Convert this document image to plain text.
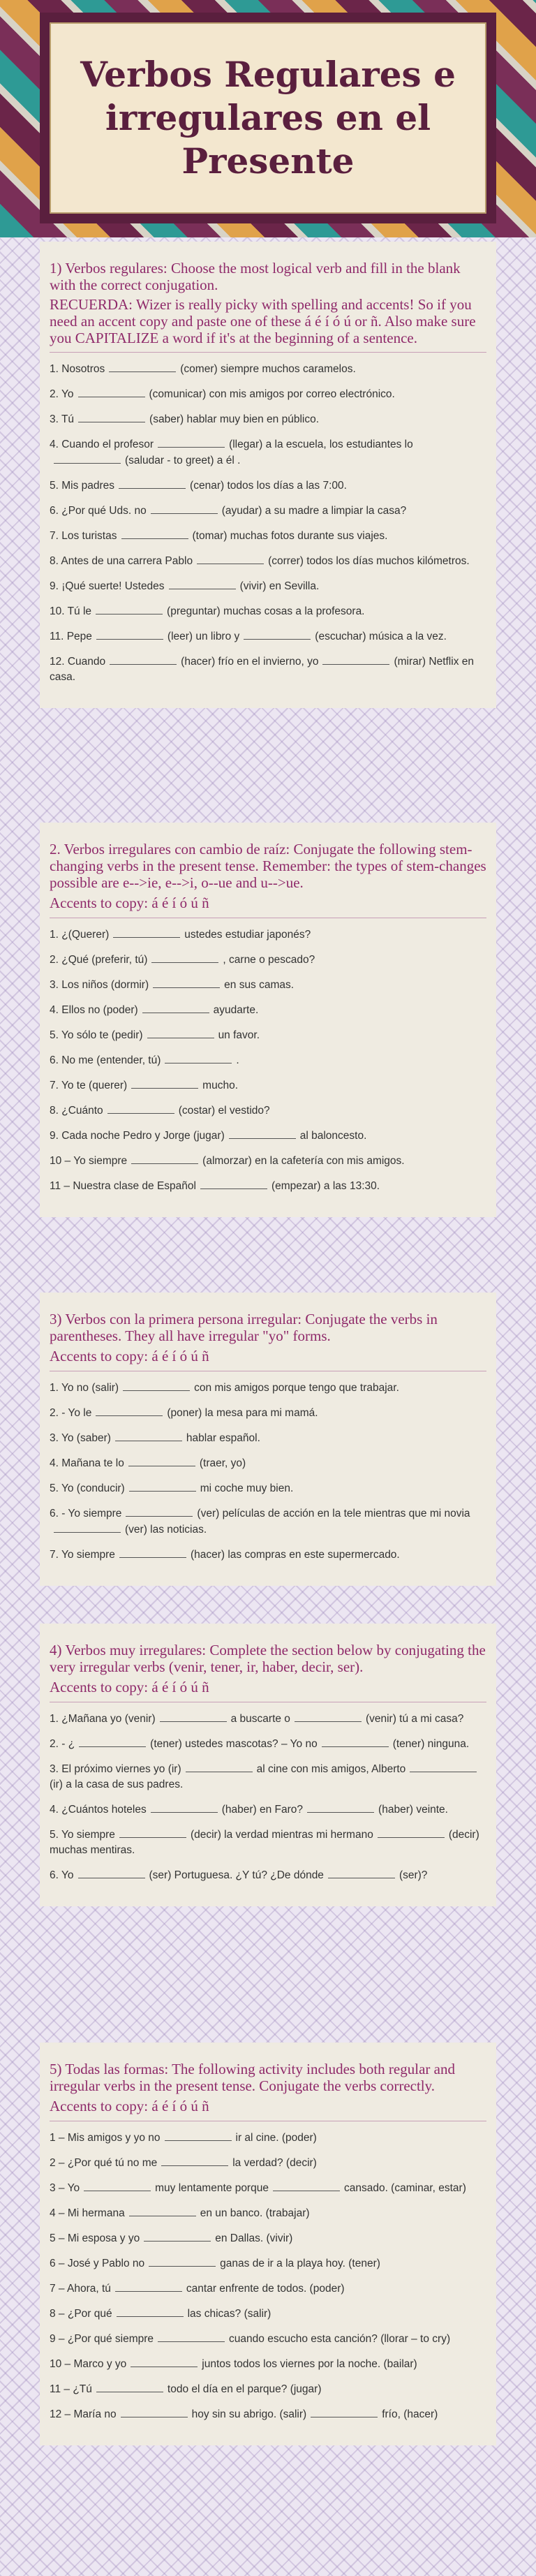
Verbos Regulares e irregulares en el Presente

1) Verbos regulares: Choose the most logical verb and fill in the blank with the correct conjugation.

RECUERDA: Wizer is really picky with spelling and accents! So if you need an accent copy and paste one of these á é í ó ú or ñ. Also make sure you CAPITALIZE a word if it's at the beginning of a sentence.

1. Nosotros	(comer) siempre muchos caramelos.
2. Yo	(comunicar) con mis amigos por correo electrónico.
3. Tú	(saber) hablar muy bien en público.
4. Cuando el profesor	(llegar) a la escuela, los estudiantes lo(saludar - to greet) a él .
5. Mis padres	(cenar) todos los días a las 7:00.
6. ¿Por qué Uds. no	(ayudar) a su madre a limpiar la casa?
7. Los turistas	(tomar) muchas fotos durante sus viajes.
8. Antes de una carrera Pablo	(correr) todos los días muchos kilómetros.
9. ¡Qué suerte! Ustedes	(vivir) en Sevilla.
10. Tú le	(preguntar) muchas cosas a la profesora.
11. Pepe	(leer) un libro y	(escuchar) música a la vez.
12. Cuando	(hacer) frío en el invierno, yo	(mirar) Netflix en casa.

2. Verbos irregulares con cambio de raíz: Conjugate the following stem-changing verbs in the present tense. Remember: the types of stem-changes possible are e-->ie, e-->i, o--ue and u-->ue.

Accents to copy: á é í ó ú ñ

1. ¿(Querer)	ustedes estudiar japonés?
2. ¿Qué (preferir, tú)	, carne o pescado?
3. Los niños (dormir)	en sus camas.
4. Ellos no (poder)	ayudarte.
5. Yo sólo te (pedir)	un favor.
6. No me (entender, tú)	.
7. Yo te (querer)	mucho.
8. ¿Cuánto	(costar) el vestido?
9. Cada noche Pedro y Jorge (jugar)	al baloncesto.
10 – Yo siempre	(almorzar) en la cafetería con mis amigos.
11 – Nuestra clase de Español	(empezar) a las 13:30.

3) Verbos con la primera persona irregular: Conjugate the verbs in parentheses. They all have irregular "yo" forms.

Accents to copy: á é í ó ú ñ

1. Yo no (salir)	con mis amigos porque tengo que trabajar.
2. - Yo le	(poner) la mesa para mi mamá.
3. Yo (saber)	hablar español.
4. Mañana te lo	(traer, yo)
5. Yo (conducir)	mi coche muy bien.
6. - Yo siempre	(ver) películas de acción en la tele mientras que mi novia(ver) las noticias.
7. Yo siempre	(hacer) las compras en este supermercado.

4) Verbos muy irregulares: Complete the section below by conjugating the very irregular verbs (venir, tener, ir, haber, decir, ser).

Accents to copy: á é í ó ú ñ

1. ¿Mañana yo (venir)	a buscarte o	(venir) tú a mi casa?
2. - ¿	(tener) ustedes mascotas? – Yo no	(tener) ninguna.
3. El próximo viernes yo (ir)	al cine con mis amigos, Alberto(ir) a la casa de sus padres.
4. ¿Cuántos hoteles	(haber) en Faro?	(haber) veinte.
5. Yo siempre	(decir) la verdad mientras mi hermano	(decir) muchas mentiras.
6. Yo	(ser) Portuguesa. ¿Y tú? ¿De dónde	(ser)?

5) Todas las formas: The following activity includes both regular and irregular verbs in the present tense. Conjugate the verbs correctly.

Accents to copy: á é í ó ú ñ

1 – Mis amigos y yo no	ir al cine. (poder)
2 – ¿Por qué tú no me	la verdad? (decir)
3 – Yo	muy lentamente porque	cansado. (caminar, estar)
4 – Mi hermana	en un banco. (trabajar)
5 – Mi esposa y yo	en Dallas. (vivir)
6 – José y Pablo no	ganas de ir a la playa hoy. (tener)
7 – Ahora, tú	cantar enfrente de todos. (poder)
8 – ¿Por qué	las chicas? (salir)
9 – ¿Por qué siempre	cuando escucho esta canción? (llorar – to cry)
10 – Marco y yo	juntos todos los viernes por la noche. (bailar)
11 – ¿Tú	todo el día en el parque? (jugar)
12 – María no	hoy sin su abrigo. (salir)	frío, (hacer)
